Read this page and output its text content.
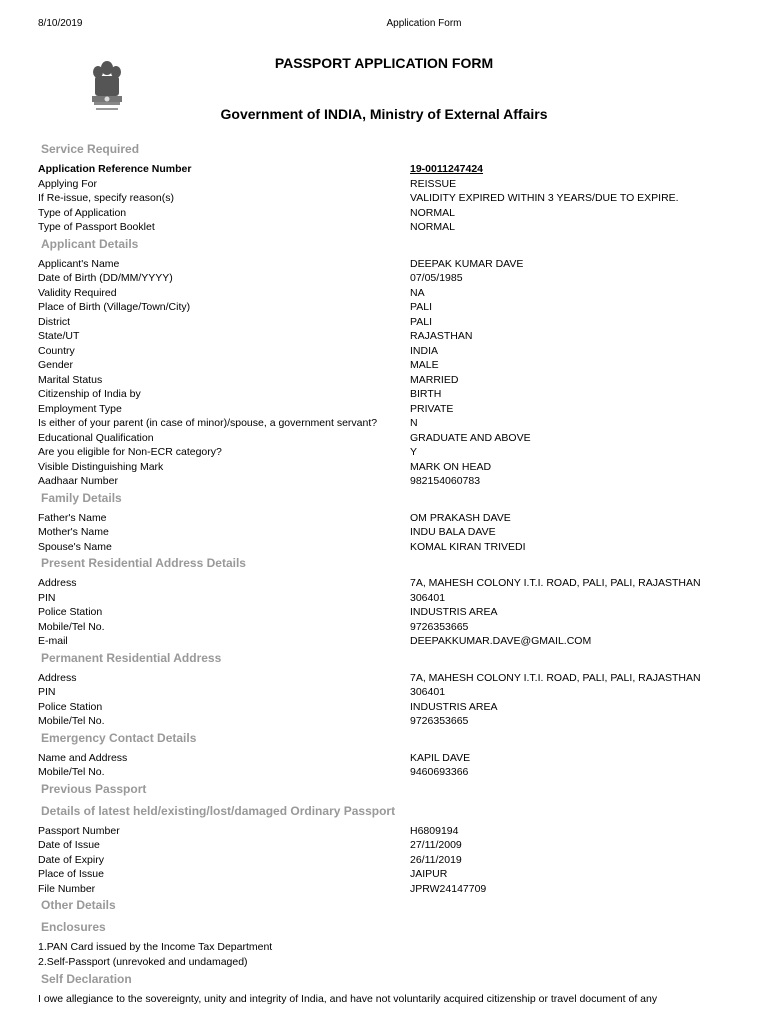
8/10/2019	Application Form
PASSPORT APPLICATION FORM
Government of INDIA, Ministry of External Affairs
Service Required
Application Reference Number	19-0011247424
Applying For	REISSUE
If Re-issue, specify reason(s)	VALIDITY EXPIRED WITHIN 3 YEARS/DUE TO EXPIRE.
Type of Application	NORMAL
Type of Passport Booklet	NORMAL
Applicant Details
Applicant's Name	DEEPAK KUMAR DAVE
Date of Birth (DD/MM/YYYY)	07/05/1985
Validity Required	NA
Place of Birth (Village/Town/City)	PALI
District	PALI
State/UT	RAJASTHAN
Country	INDIA
Gender	MALE
Marital Status	MARRIED
Citizenship of India by	BIRTH
Employment Type	PRIVATE
Is either of your parent (in case of minor)/spouse, a government servant?	N
Educational Qualification	GRADUATE AND ABOVE
Are you eligible for Non-ECR category?	Y
Visible Distinguishing Mark	MARK ON HEAD
Aadhaar Number	982154060783
Family Details
Father's Name	OM PRAKASH DAVE
Mother's Name	INDU BALA DAVE
Spouse's Name	KOMAL KIRAN TRIVEDI
Present Residential Address Details
Address	7A, MAHESH COLONY I.T.I. ROAD, PALI, PALI, RAJASTHAN
PIN	306401
Police Station	INDUSTRIS AREA
Mobile/Tel No.	9726353665
E-mail	DEEPAKKUMAR.DAVE@GMAIL.COM
Permanent Residential Address
Address	7A, MAHESH COLONY I.T.I. ROAD, PALI, PALI, RAJASTHAN
PIN	306401
Police Station	INDUSTRIS AREA
Mobile/Tel No.	9726353665
Emergency Contact Details
Name and Address	KAPIL DAVE
Mobile/Tel No.	9460693366
Previous Passport
Details of latest held/existing/lost/damaged Ordinary Passport
Passport Number	H6809194
Date of Issue	27/11/2009
Date of Expiry	26/11/2019
Place of Issue	JAIPUR
File Number	JPRW24147709
Other Details
Enclosures
1.PAN Card issued by the Income Tax Department
2.Self-Passport (unrevoked and undamaged)
Self Declaration
I owe allegiance to the sovereignty, unity and integrity of India, and have not voluntarily acquired citizenship or travel document of any
